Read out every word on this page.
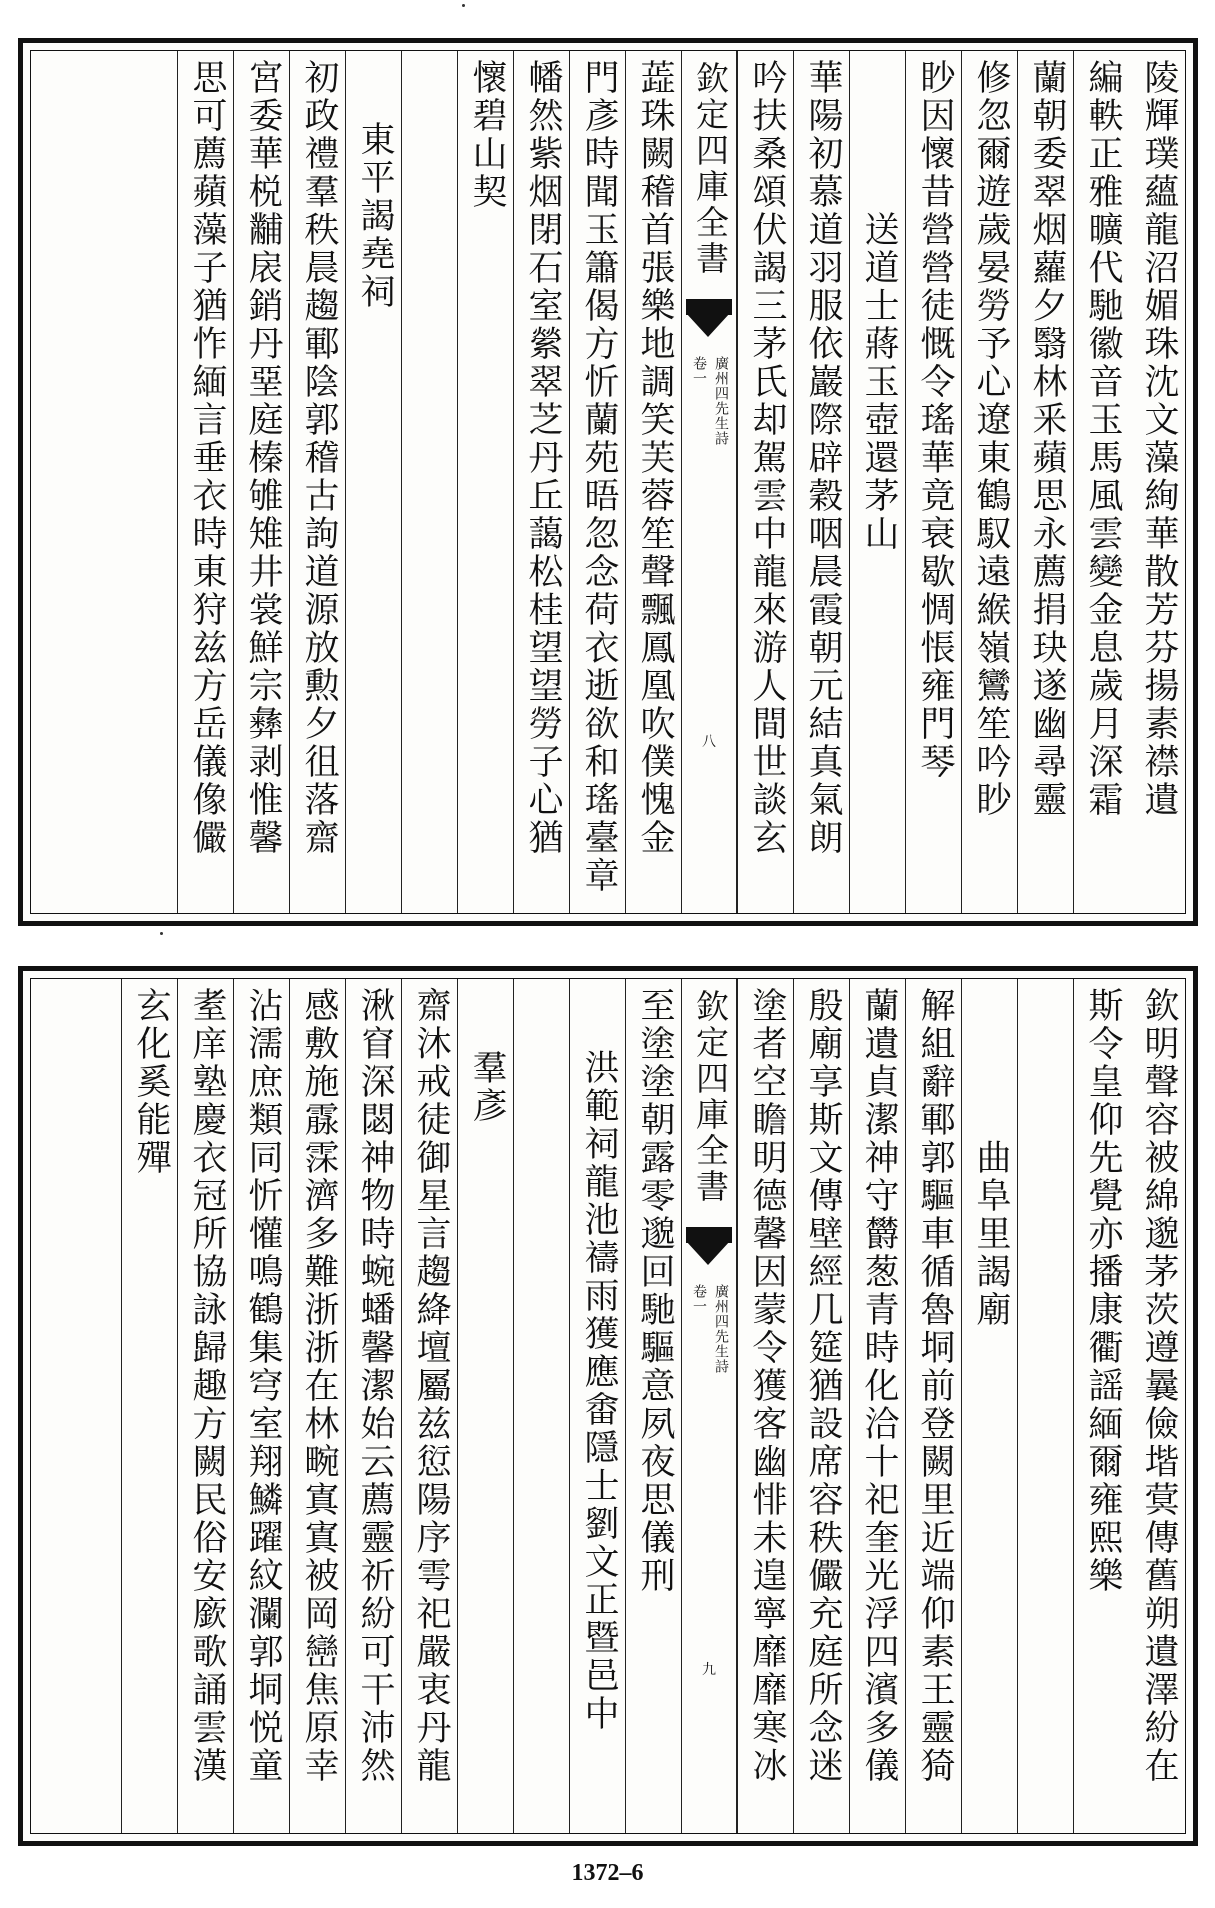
陵輝璞蘊龍沼媚珠沈文藻絢華散芳芬揚素襟遺
編軼正雅曠代馳徽音玉馬風雲變金息歲月深霜
蘭朝委翠烟蘿夕翳林釆蘋思永薦捐玦遂幽尋靈
修忽爾遊歲晏勞予心遼東鶴馭遠緱嶺鸞笙吟眇
眇因懷昔營營徒慨令瑤華竟衰歇惆悵雍門琴
送道士蔣玉壺還茅山
華陽初慕道羽服依巖際辟穀咽晨霞朝元結真氣朗
吟扶桑頌伏謁三茅氏却駕雲中龍來游人間世談玄
欽定四庫全書
廣州四先生詩
卷一
八
蕋珠闕稽首張樂地調笑芙蓉笙聲飄鳳凰吹僕愧金
門彥時聞玉簫偈方忻蘭苑晤忽念荷衣逝欲和瑤臺章
幡然紫烟閉石室縈翠芝丹丘藹松桂望望勞子心猶
懷碧山契
東平謁堯祠
初政禮羣秩晨趨鄆陰郭稽古訽道源放勲夕徂落齋
宮委華棁黼扆銷丹堊庭榛雊雉井裳鮮宗彝剥惟馨
思可薦蘋藻子猶怍緬言垂衣時東狩兹方岳儀像儼
欽明聲容被綿邈茅茨遵曩儉堦蓂傳舊朔遺澤紛在
斯令皇仰先覺亦播康衢謡緬爾雍熙樂
曲阜里謁廟
解組辭鄆郭驅車循魯垌前登闕里近端仰素王靈猗
蘭遺貞潔神守欝葱青時化洽十祀奎光浮四濱多儀
殷廟享斯文傳壁經几筵猶設席容秩儼充庭所念迷
塗者空瞻明德馨因蒙令獲客幽悱未遑寧靡靡寒冰
欽定四庫全書
廣州四先生詩
卷一
九
至塗塗朝露零邈回馳驅意夙夜思儀刑
洪範祠龍池禱雨獲應畬隱士劉文正暨邑中
羣彥
齋沐戒徒御星言趨絳壇屬兹愆陽序雩祀嚴衷丹龍
湫窅深閟神物時蜿蟠馨潔始云薦靈祈紛可干沛然
感敷施霡霂濟多難浙浙在林畹寘寘被岡巒焦原幸
沾濡庶類同忻懽鳴鶴集穹室翔鱗躍紋瀾郭垌悦童
耊庠塾慶衣冠所協詠歸趣方闕民俗安廞歌誦雲漢
玄化奚能殫
1372–6
